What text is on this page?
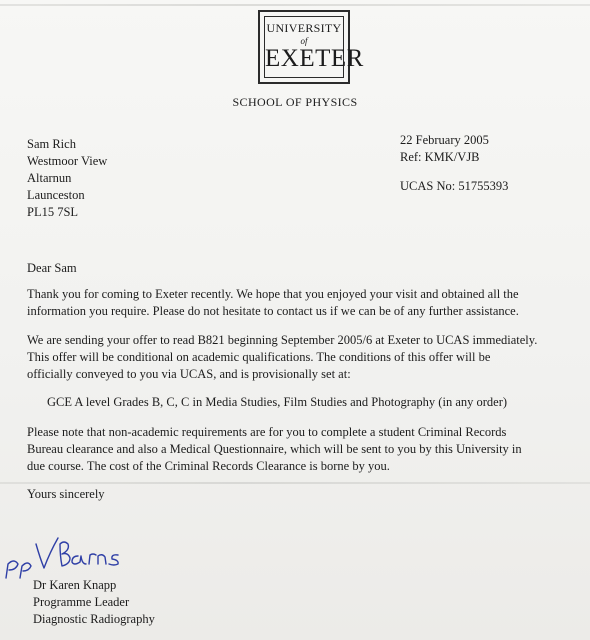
UNIVERSITY
of
EXETER
SCHOOL OF PHYSICS
Sam Rich
Westmoor View
Altarnun
Launceston
PL15 7SL
22 February 2005
Ref: KMK/VJB
UCAS No: 51755393
Dear Sam
Thank you for coming to Exeter recently. We hope that you enjoyed your visit and obtained all the
information you require. Please do not hesitate to contact us if we can be of any further assistance.
We are sending your offer to read B821 beginning September 2005/6 at Exeter to UCAS immediately.
This offer will be conditional on academic qualifications. The conditions of this offer will be
officially conveyed to you via UCAS, and is provisionally set at:
GCE A level Grades B, C, C in Media Studies, Film Studies and Photography (in any order)
Please note that non-academic requirements are for you to complete a student Criminal Records
Bureau clearance and also a Medical Questionnaire, which will be sent to you by this University in
due course. The cost of the Criminal Records Clearance is borne by you.
Yours sincerely
Dr Karen Knapp
Programme Leader
Diagnostic Radiography
